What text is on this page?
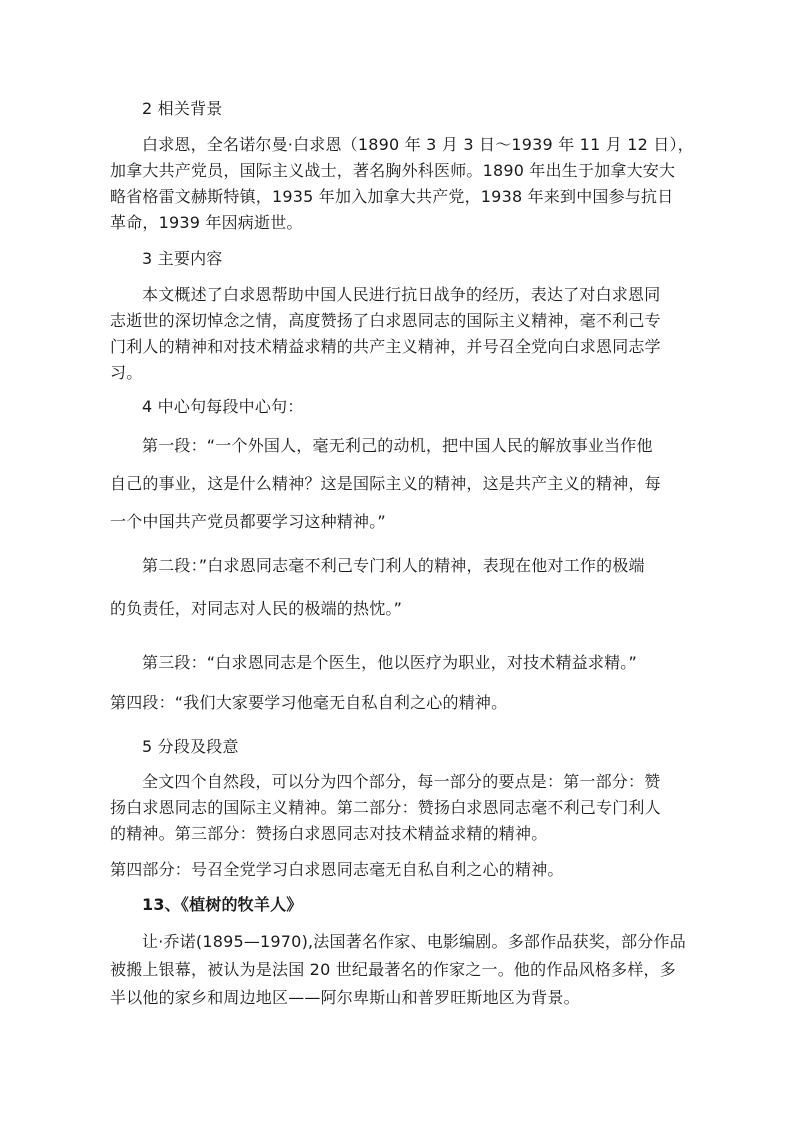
2 相关背景
白求恩，全名诺尔曼·白求恩（1890 年 3 月 3 日～1939 年 11 月 12 日），
加拿大共产党员，国际主义战士，著名胸外科医师。1890 年出生于加拿大安大
略省格雷文赫斯特镇，1935 年加入加拿大共产党，1938 年来到中国参与抗日
革命，1939 年因病逝世。
3 主要内容
本文概述了白求恩帮助中国人民进行抗日战争的经历，表达了对白求恩同
志逝世的深切悼念之情，高度赞扬了白求恩同志的国际主义精神，毫不利己专
门利人的精神和对技术精益求精的共产主义精神，并号召全党向白求恩同志学
习。
4 中心句每段中心句：
第一段：“一个外国人，毫无利己的动机，把中国人民的解放事业当作他
自己的事业，这是什么精神？这是国际主义的精神，这是共产主义的精神，每
一个中国共产党员都要学习这种精神。”
第二段：”白求恩同志毫不利己专门利人的精神，表现在他对工作的极端
的负责任，对同志对人民的极端的热忱。”
第三段：“白求恩同志是个医生，他以医疗为职业，对技术精益求精。”
第四段：“我们大家要学习他毫无自私自利之心的精神。
5 分段及段意
全文四个自然段，可以分为四个部分，每一部分的要点是：第一部分：赞
扬白求恩同志的国际主义精神。第二部分：赞扬白求恩同志毫不利己专门利人
的精神。第三部分：赞扬白求恩同志对技术精益求精的精神。
第四部分：号召全党学习白求恩同志毫无自私自利之心的精神。
13、《植树的牧羊人》
让·乔诺(1895—1970),法国著名作家、电影编剧。多部作品获奖，部分作品
被搬上银幕，被认为是法国 20 世纪最著名的作家之一。他的作品风格多样，多
半以他的家乡和周边地区——阿尔卑斯山和普罗旺斯地区为背景。
